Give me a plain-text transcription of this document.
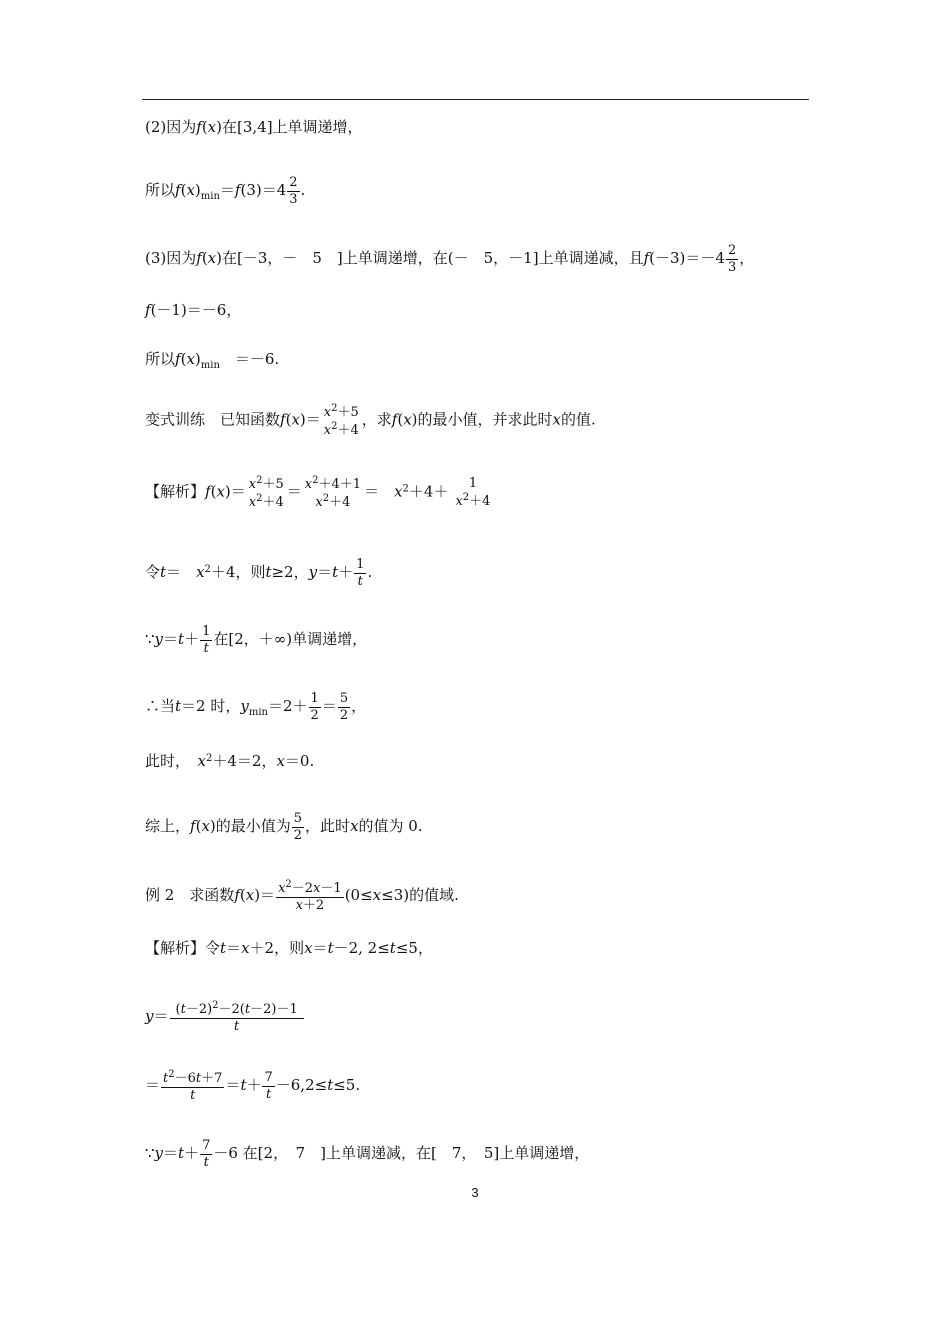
(2)因为f(x)在[3,4]上单调递增，
所以$f(x)_{min}=f(3)=4 \frac{2}{3}$ .
(3)因为f(x)在[－3，－　5　]上单调递增，在(－　5，－1]上单调递减，且$f(-3)=-4 \frac{2}{3}$ ，
f(－1)＝－6，
所以$f(x)_{min}$　＝－6.
变式训练　已知函数$f(x)= x^2+5$
$x^2+4$
，求f(x)的最小值，并求此时x的值.
【解析】$f(x)= x^2+5$
$x^2+4$
＝ $x^2+4+1$
$x^2+4$
＝　$x^2+4+$	1
$x^2+4$
令t＝　$x^2+4$，则t≥2，$y=t+ \frac{1}{t}$ .
∵y＝t＋ $\frac{1}{t}$ 在[2，＋∞)单调递增，
∴当t＝2 时，$y_{min}=2+ \frac{1}{2} = \frac{5}{2}$ ，
此时，　$x^2+4=2$，x＝0.
综上，f(x)的最小值为 $\frac{5}{2}$ ，此时x的值为 0.
例 2　求函数$f(x)= \frac{x^2-2x-1}{x+2} (0\le x\le 3)$的值域.
【解析】令t＝x＋2，则x＝t－2, 2≤t≤5，
$y= \frac{(t-2)^2-2(t-2)-1}{t}$
＝ $\frac{t^2-6t+7}{t} =t+ \frac{7}{t} -6,2\le t\le 5$.
∵y＝t＋ $\frac{7}{t} -6$ 在[2，　7　]上单调递减，在[　7，　5]上单调递增，
3
